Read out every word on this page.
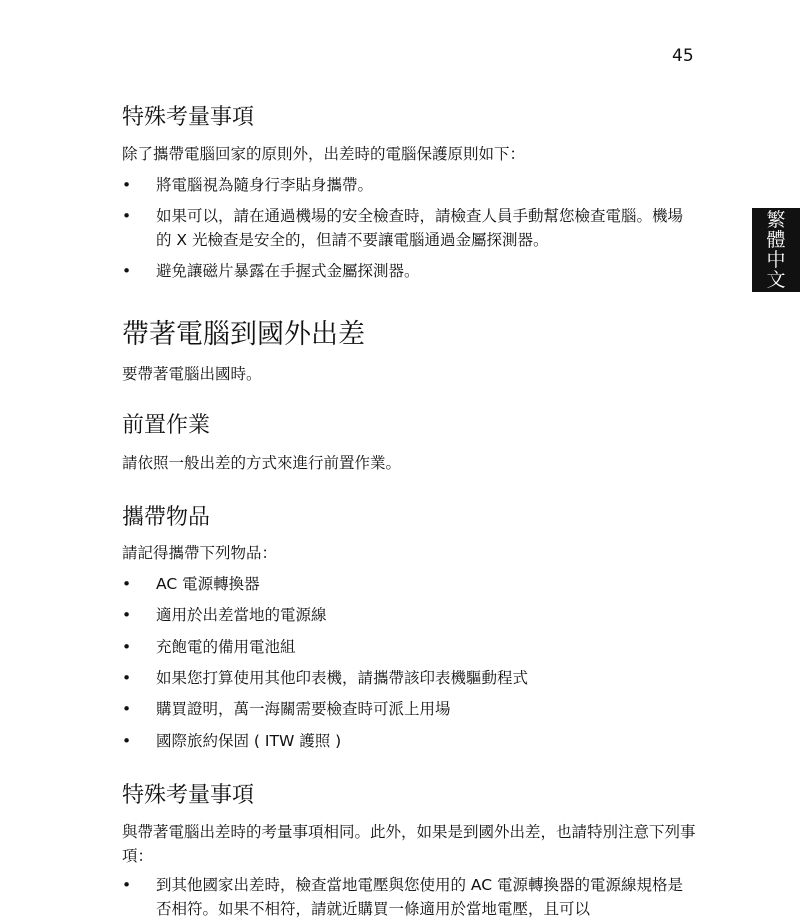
45
繁
體
中
文
特殊考量事項
除了攜帶電腦回家的原則外，出差時的電腦保護原則如下：
• 將電腦視為隨身行李貼身攜帶。
• 如果可以，請在通過機場的安全檢查時，請檢查人員手動幫您檢查電腦。機場的 X 光檢查是安全的，但請不要讓電腦通過金屬探測器。
• 避免讓磁片暴露在手握式金屬探測器。
帶著電腦到國外出差
要帶著電腦出國時。
前置作業
請依照一般出差的方式來進行前置作業。
攜帶物品
請記得攜帶下列物品：
• AC 電源轉換器
• 適用於出差當地的電源線
• 充飽電的備用電池組
• 如果您打算使用其他印表機，請攜帶該印表機驅動程式
• 購買證明，萬一海關需要檢查時可派上用場
• 國際旅約保固 ( ITW 護照 )
特殊考量事項
與帶著電腦出差時的考量事項相同。此外，如果是到國外出差，也請特別注意下列事項：
• 到其他國家出差時，檢查當地電壓與您使用的 AC 電源轉換器的電源線規格是否相符。如果不相符，請就近購買一條適用於當地電壓，且可以
